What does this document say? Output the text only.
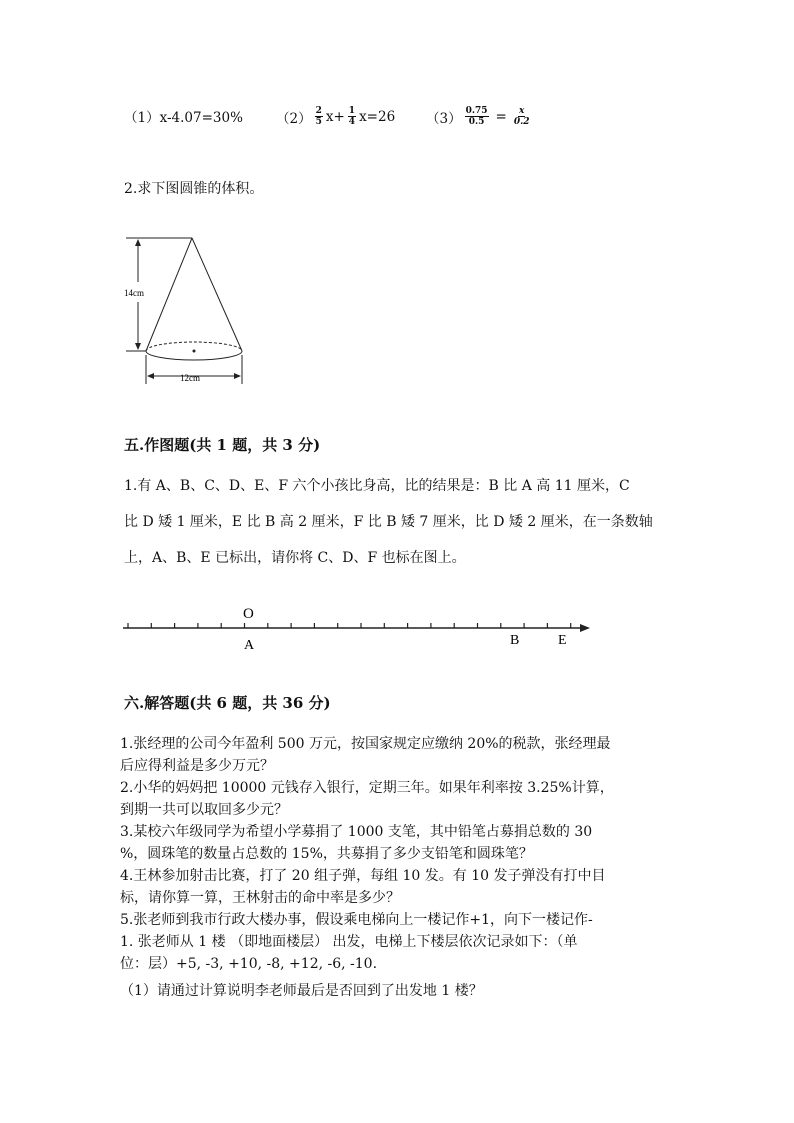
（1）x-4.07=30% $(2) \frac{2}{5} x+ \frac{1}{4} x=26$ $(3) \frac{0.75}{0.5} = \frac{x}{0.2}$
2.求下图圆锥的体积。
14cm
12cm
五.作图题(共 1 题，共 3 分)
1.有 A、B、C、D、E、F 六个小孩比身高，比的结果是：B 比 A 高 11 厘米，C
比 D 矮 1 厘米，E 比 B 高 2 厘米，F 比 B 矮 7 厘米，比 D 矮 2 厘米，在一条数轴
上，A、B、E 已标出，请你将 C、D、F 也标在图上。
O
A	B	E
六.解答题(共 6 题，共 36 分)
1.张经理的公司今年盈利 500 万元，按国家规定应缴纳 20%的税款，张经理最
后应得利益是多少万元？
2.小华的妈妈把 10000 元钱存入银行，定期三年。如果年利率按 3.25%计算，
到期一共可以取回多少元？
3.某校六年级同学为希望小学募捐了 1000 支笔，其中铅笔占募捐总数的 30
%，圆珠笔的数量占总数的 15%，共募捐了多少支铅笔和圆珠笔？
4.王林参加射击比赛，打了 20 组子弹，每组 10 发。有 10 发子弹没有打中目
标，请你算一算，王林射击的命中率是多少？
5.张老师到我市行政大楼办事，假设乘电梯向上一楼记作+1，向下一楼记作-
1. 张老师从 1 楼 （即地面楼层） 出发，电梯上下楼层依次记录如下：（单
位：层）+5, -3, +10, -8, +12, -6, -10.
（1）请通过计算说明李老师最后是否回到了出发地 1 楼？
